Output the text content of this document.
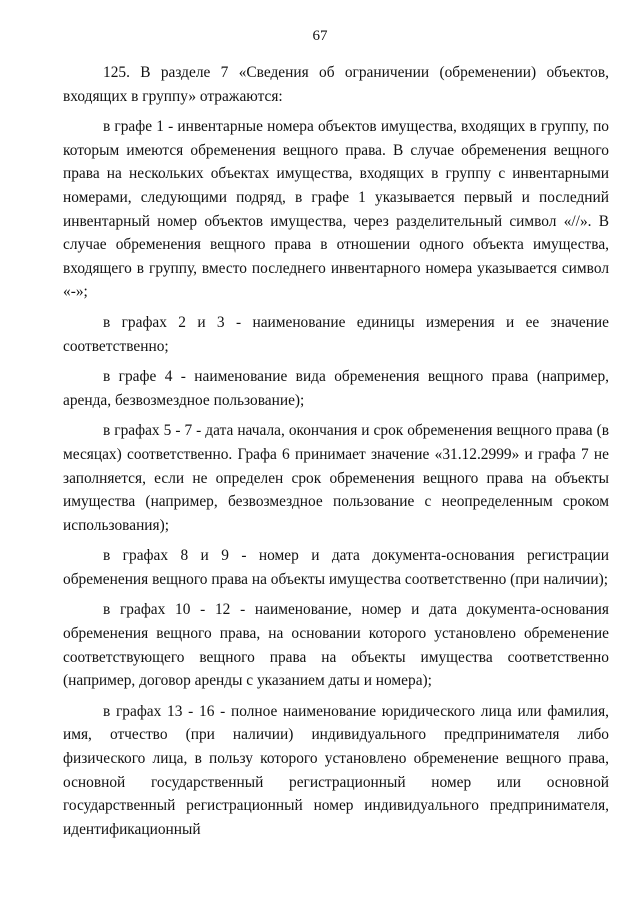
67

125. В разделе 7 «Сведения об ограничении (обременении) объектов, входящих в группу» отражаются:

в графе 1 - инвентарные номера объектов имущества, входящих в группу, по которым имеются обременения вещного права. В случае обременения вещного права на нескольких объектах имущества, входящих в группу с инвентарными номерами, следующими подряд, в графе 1 указывается первый и последний инвентарный номер объектов имущества, через разделительный символ «//». В случае обременения вещного права в отношении одного объекта имущества, входящего в группу, вместо последнего инвентарного номера указывается символ «-»;

в графах 2 и 3 - наименование единицы измерения и ее значение соответственно;

в графе 4 - наименование вида обременения вещного права (например, аренда, безвозмездное пользование);

в графах 5 - 7 - дата начала, окончания и срок обременения вещного права (в месяцах) соответственно. Графа 6 принимает значение «31.12.2999» и графа 7 не заполняется, если не определен срок обременения вещного права на объекты имущества (например, безвозмездное пользование с неопределенным сроком использования);

в графах 8 и 9 - номер и дата документа-основания регистрации обременения вещного права на объекты имущества соответственно (при наличии);

в графах 10 - 12 - наименование, номер и дата документа-основания обременения вещного права, на основании которого установлено обременение соответствующего вещного права на объекты имущества соответственно (например, договор аренды с указанием даты и номера);

в графах 13 - 16 - полное наименование юридического лица или фамилия, имя, отчество (при наличии) индивидуального предпринимателя либо физического лица, в пользу которого установлено обременение вещного права, основной государственный регистрационный номер или основной государственный регистрационный номер индивидуального предпринимателя, идентификационный
